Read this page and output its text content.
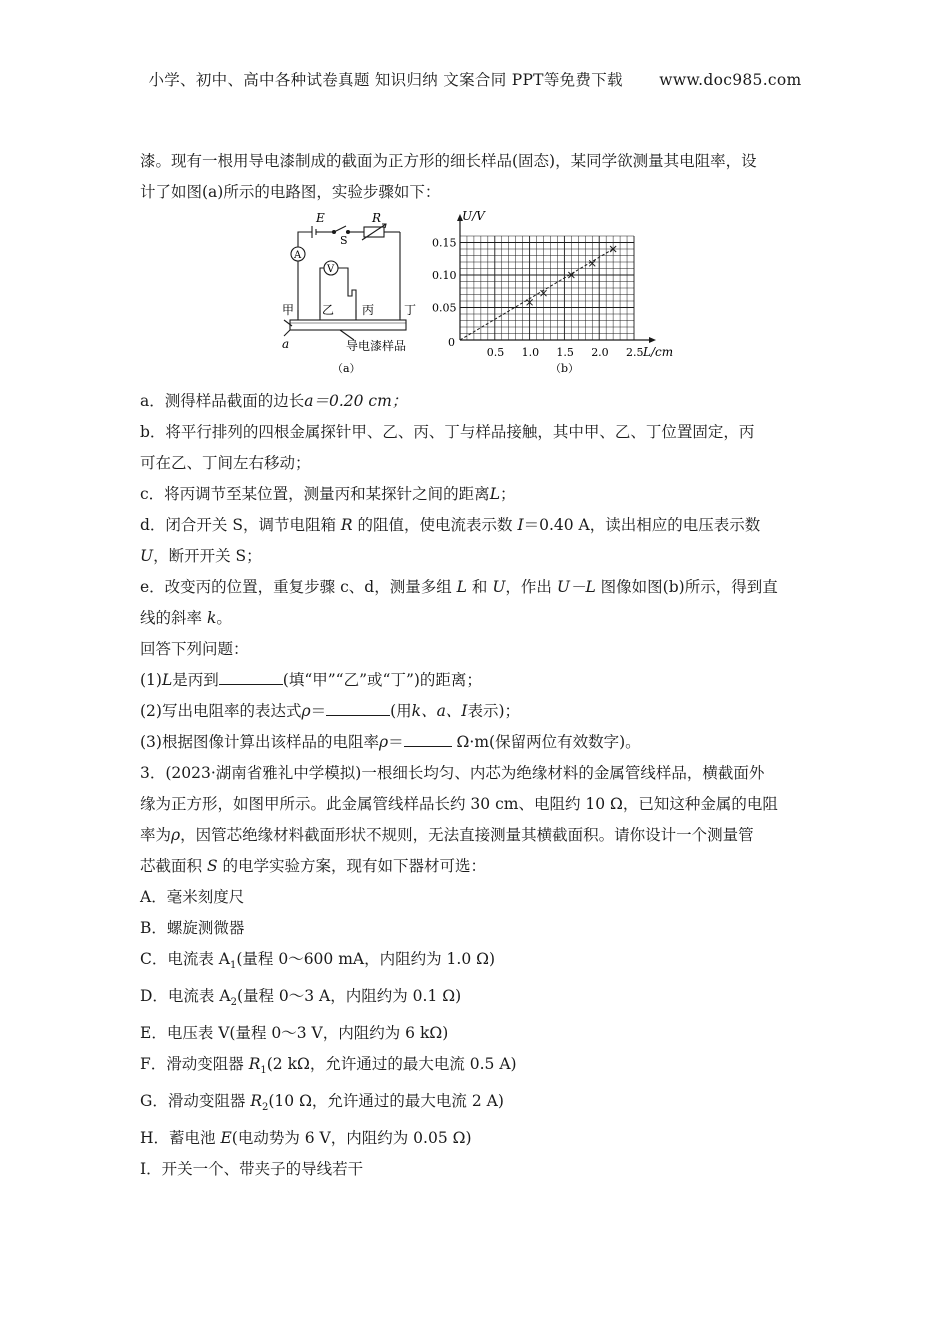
小学、初中、高中各种试卷真题 知识归纳 文案合同 PPT等免费下载 www.doc985.com

漆。现有一根用导电漆制成的截面为正方形的细长样品(固态)，某同学欲测量其电阻率，设

计了如图(a)所示的电路图，实验步骤如下：

E
S
R
A
V
甲 乙 丙 丁
a	导电漆样品
（a）
0.5 1.0 1.5 2.0 2.5
0.05
0.10
0.15
U/V
L/cm
0
（b）

a．测得样品截面的边长a＝0.20 cm；

b．将平行排列的四根金属探针甲、乙、丙、丁与样品接触，其中甲、乙、丁位置固定，丙

可在乙、丁间左右移动；

c．将丙调节至某位置，测量丙和某探针之间的距离L；

d．闭合开关 S，调节电阻箱 R 的阻值，使电流表示数 I＝0.40 A，读出相应的电压表示数

U，断开开关 S；

e．改变丙的位置，重复步骤 c、d，测量多组 L 和 U，作出 U－L 图像如图(b)所示，得到直

线的斜率 k。

回答下列问题：

(1)L是丙到	(填“甲”“乙”或“丁”)的距离；

(2)写出电阻率的表达式ρ＝	(用k、a、I表示)；

(3)根据图像计算出该样品的电阻率ρ＝	Ω·m(保留两位有效数字)。

3．(2023·湖南省雅礼中学模拟)一根细长均匀、内芯为绝缘材料的金属管线样品，横截面外

缘为正方形，如图甲所示。此金属管线样品长约 30 cm、电阻约 10 Ω，已知这种金属的电阻

率为ρ，因管芯绝缘材料截面形状不规则，无法直接测量其横截面积。请你设计一个测量管

芯截面积 S 的电学实验方案，现有如下器材可选：

A．毫米刻度尺

B．螺旋测微器

C．电流表 $A_1$(量程 0～600 mA，内阻约为 1.0 Ω)

D．电流表 $A_2$(量程 0～3 A，内阻约为 0.1 Ω)

E．电压表 V(量程 0～3 V，内阻约为 6 kΩ)

F．滑动变阻器 $R_1(2$ kΩ，允许通过的最大电流 0.5 A)

G．滑动变阻器 $R_2(10$ Ω，允许通过的最大电流 2 A)

H．蓄电池 E(电动势为 6 V，内阻约为 0.05 Ω)

I．开关一个、带夹子的导线若干
